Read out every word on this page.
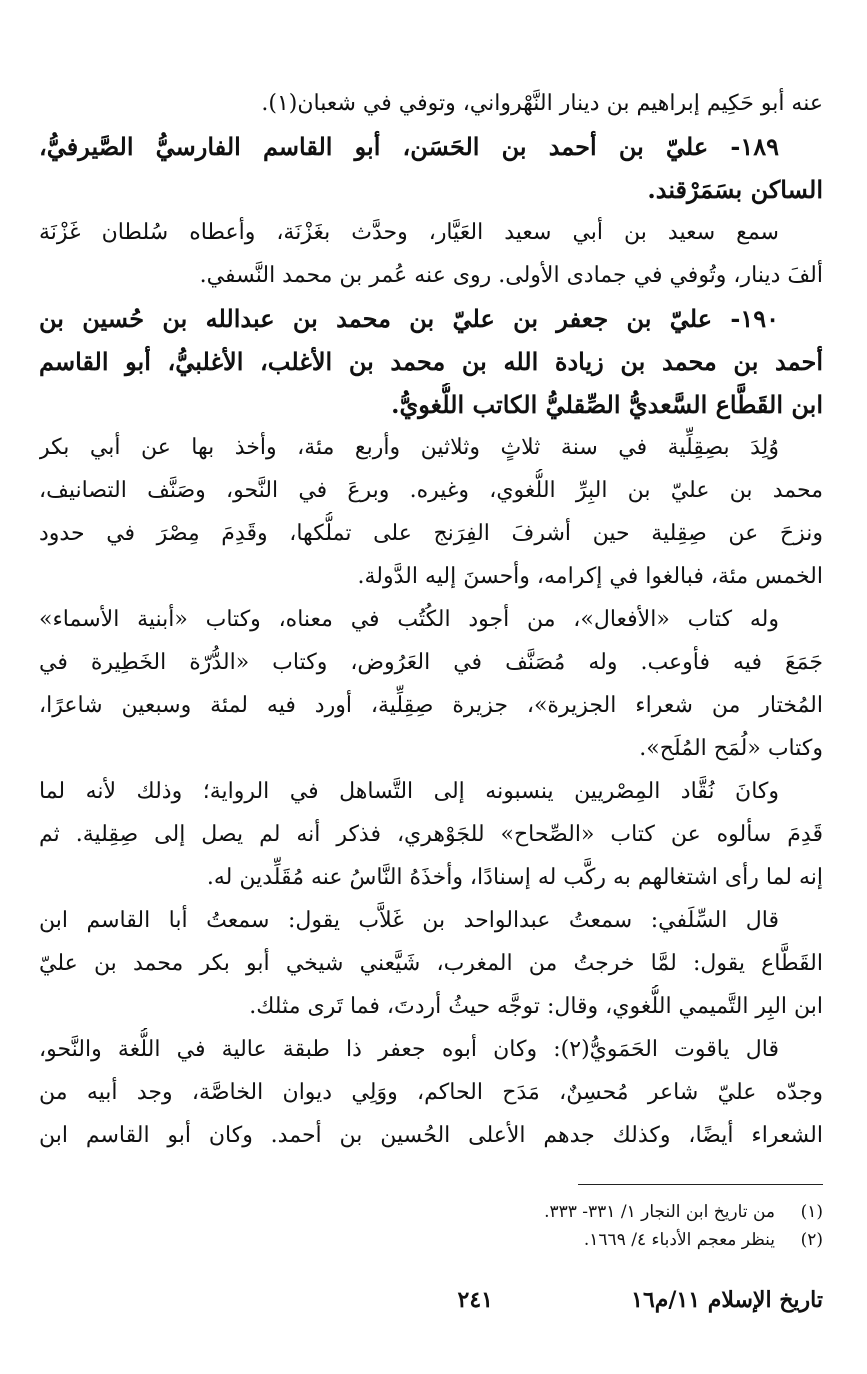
عنه أبو حَكِيم إبراهيم بن دينار النَّهْرواني، وتوفي في شعبان(١).
١٨٩- عليّ بن أحمد بن الحَسَن، أبو القاسم الفارسيُّ الصَّيرفيُّ،
الساكن بسَمَرْقند.
سمع سعيد بن أبي سعيد العَيَّار، وحدَّث بغَزْنَة، وأعطاه سُلطان غَزْنَة
ألفَ دينار، وتُوفي في جمادى الأولى. روى عنه عُمر بن محمد النَّسفي.
١٩٠- عليّ بن جعفر بن عليّ بن محمد بن عبدالله بن حُسين بن
أحمد بن محمد بن زيادة الله بن محمد بن الأغلب، الأغلبيُّ، أبو القاسم
ابن القَطَّاع السَّعديُّ الصِّقليُّ الكاتب اللُّغويُّ.
وُلِدَ بصِقِلِّية في سنة ثلاثٍ وثلاثين وأربع مئة، وأخذ بها عن أبي بكر
محمد بن عليّ بن البِرِّ اللُّغوي، وغيره. وبرعَ في النَّحو، وصَنَّف التصانيف،
ونزحَ عن صِقِلية حين أشرفَ الفِرَنج على تملُّكها، وقَدِمَ مِصْرَ في حدود
الخمس مئة، فبالغوا في إكرامه، وأحسنَ إليه الدَّولة.
وله كتاب «الأفعال»، من أجود الكُتُب في معناه، وكتاب «أبنية الأسماء»
جَمَعَ فيه فأوعب. وله مُصَنَّف في العَرُوض، وكتاب «الدُّرّة الخَطِيرة في
المُختار من شعراء الجزيرة»، جزيرة صِقِلِّية، أورد فيه لمئة وسبعين شاعرًا،
وكتاب «لُمَح المُلَح».
وكانَ نُقَّاد المِصْريين ينسبونه إلى التَّساهل في الرواية؛ وذلك لأنه لما
قَدِمَ سألوه عن كتاب «الصِّحاح» للجَوْهري، فذكر أنه لم يصل إلى صِقِلية. ثم
إنه لما رأى اشتغالهم به ركَّب له إسنادًا، وأخذَهُ النَّاسُ عنه مُقَلِّدين له.
قال السِّلَفي: سمعتُ عبدالواحد بن غَلاَّب يقول: سمعتُ أبا القاسم ابن
القَطَّاع يقول: لمَّا خرجتُ من المغرب، شَيَّعني شيخي أبو بكر محمد بن عليّ
ابن البِر التَّميمي اللُّغوي، وقال: توجَّه حيثُ أردتَ، فما تَرى مثلك.
قال ياقوت الحَمَويُّ(٢): وكان أبوه جعفر ذا طبقة عالية في اللُّغة والنَّحو،
وجدّه عليّ شاعر مُحسِنٌ، مَدَح الحاكم، ووَلِي ديوان الخاصَّة، وجد أبيه من
الشعراء أيضًا، وكذلك جدهم الأعلى الحُسين بن أحمد. وكان أبو القاسم ابن
(١)من تاريخ ابن النجار ١/ ٣٣١- ٣٣٣.
(٢)ينظر معجم الأدباء ٤/ ١٦٦٩.
تاريخ الإسلام ١١/م١٦
٢٤١
